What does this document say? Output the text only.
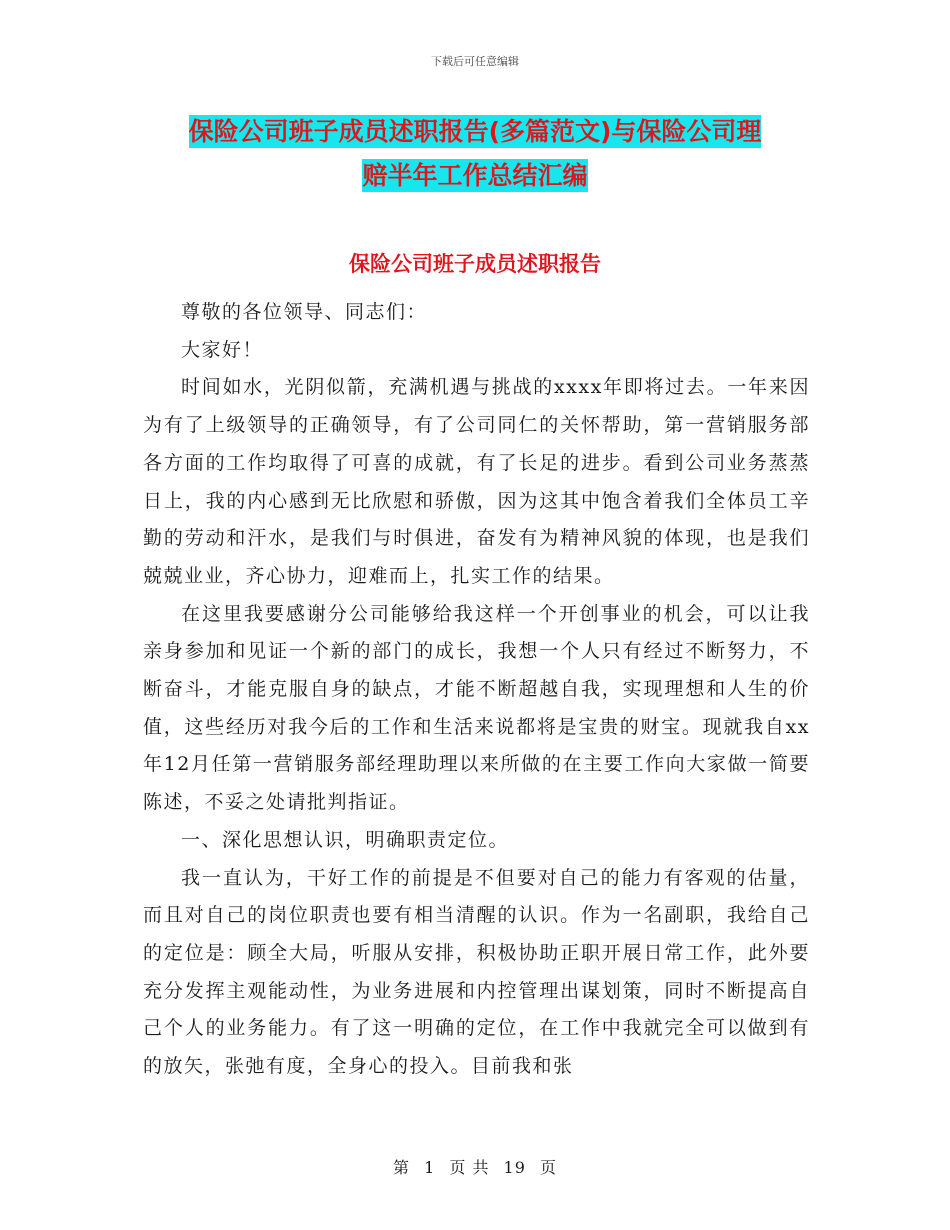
下载后可任意编辑
保险公司班子成员述职报告(多篇范文)与保险公司理
赔半年工作总结汇编
保险公司班子成员述职报告

尊敬的各位领导、同志们：

大家好！

时间如水，光阴似箭，充满机遇与挑战的xxxx年即将过去。一年来因为有了上级领导的正确领导，有了公司同仁的关怀帮助，第一营销服务部各方面的工作均取得了可喜的成就，有了长足的进步。看到公司业务蒸蒸日上，我的内心感到无比欣慰和骄傲，因为这其中饱含着我们全体员工辛勤的劳动和汗水，是我们与时俱进，奋发有为精神风貌的体现，也是我们兢兢业业，齐心协力，迎难而上，扎实工作的结果。

在这里我要感谢分公司能够给我这样一个开创事业的机会，可以让我亲身参加和见证一个新的部门的成长，我想一个人只有经过不断努力，不断奋斗，才能克服自身的缺点，才能不断超越自我，实现理想和人生的价值，这些经历对我今后的工作和生活来说都将是宝贵的财宝。现就我自xx年12月任第一营销服务部经理助理以来所做的在主要工作向大家做一简要陈述，不妥之处请批判指证。

一、深化思想认识，明确职责定位。

我一直认为，干好工作的前提是不但要对自己的能力有客观的估量，而且对自己的岗位职责也要有相当清醒的认识。作为一名副职，我给自己的定位是：顾全大局，听服从安排，积极协助正职开展日常工作，此外要充分发挥主观能动性，为业务进展和内控管理出谋划策，同时不断提高自己个人的业务能力。有了这一明确的定位，在工作中我就完全可以做到有的放矢，张弛有度，全身心的投入。目前我和张

第 1 页 共 19 页
